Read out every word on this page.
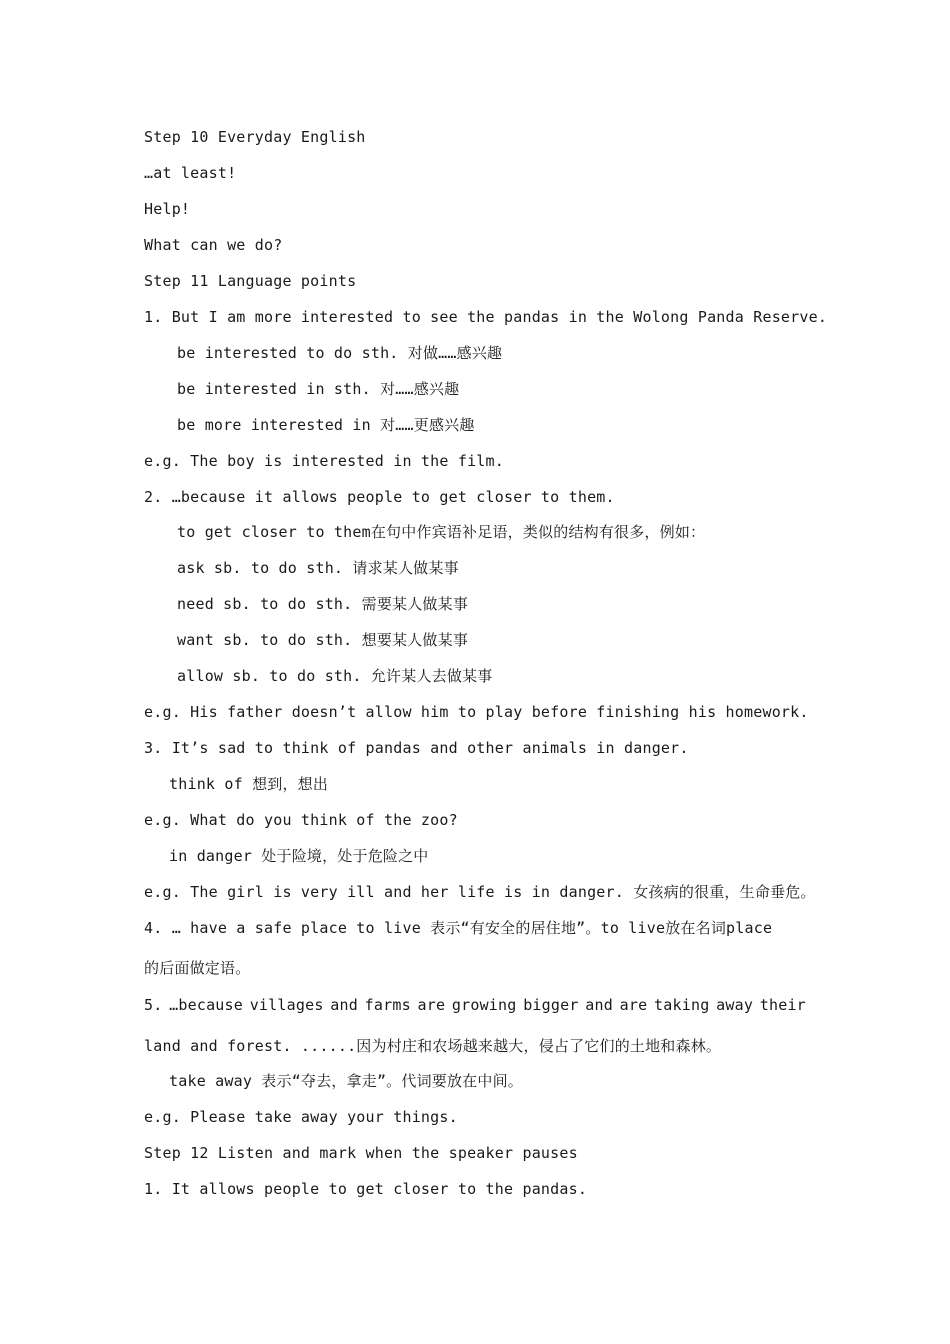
Step 10 Everyday English
…at least!
Help!
What can we do?
Step 11 Language points
1. But I am more interested to see the pandas in the Wolong Panda Reserve.
be interested to do sth. 对做……感兴趣
be interested in sth. 对……感兴趣
be more interested in 对……更感兴趣
e.g. The boy is interested in the film.
2. …because it allows people to get closer to them.
to get closer to them在句中作宾语补足语，类似的结构有很多，例如：
ask sb. to do sth. 请求某人做某事
need sb. to do sth. 需要某人做某事
want sb. to do sth. 想要某人做某事
allow sb. to do sth. 允许某人去做某事
e.g. His father doesn’t allow him to play before finishing his homework.
3. It’s sad to think of pandas and other animals in danger.
think of 想到，想出
e.g. What do you think of the zoo?
in danger 处于险境，处于危险之中
e.g. The girl is very ill and her life is in danger. 女孩病的很重，生命垂危。
4. … have a safe place to live 表示“有安全的居住地”。to live放在名词place
的后面做定语。
5. …because villages and farms are growing bigger and are taking away their
land and forest. ......因为村庄和农场越来越大，侵占了它们的土地和森林。
take away 表示“夺去，拿走”。代词要放在中间。
e.g. Please take away your things.
Step 12 Listen and mark when the speaker pauses
1. It allows people to get closer to the pandas.
